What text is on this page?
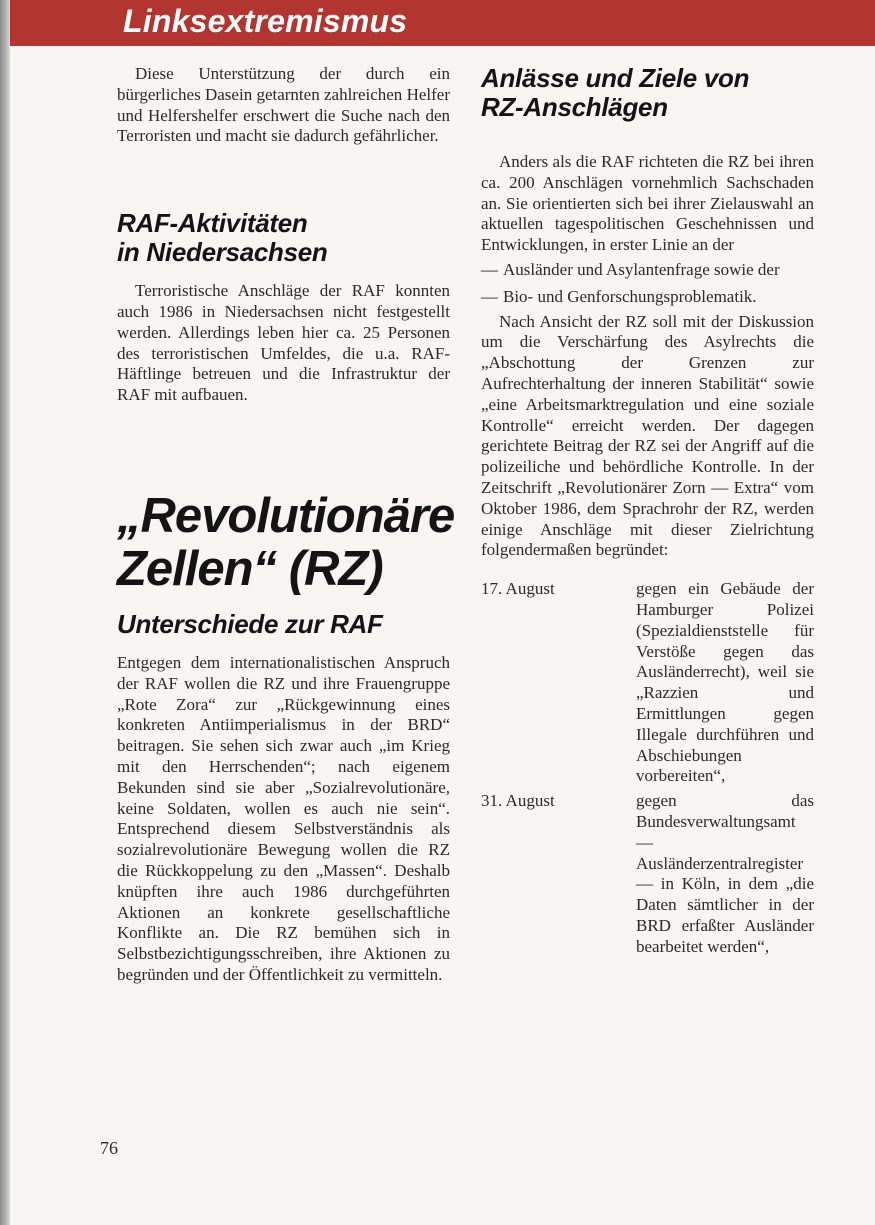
Linksextremismus

Diese Unterstützung der durch ein bürgerliches Dasein getarnten zahlreichen Helfer und Helfershelfer erschwert die Suche nach den Terroristen und macht sie dadurch gefährlicher.

RAF-Aktivitäten
in Niedersachsen

Terroristische Anschläge der RAF konnten auch 1986 in Niedersachsen nicht festgestellt werden. Allerdings leben hier ca. 25 Personen des terroristischen Umfeldes, die u.a. RAF-Häftlinge betreuen und die Infrastruktur der RAF mit aufbauen.

„Revolutionäre
Zellen“ (RZ)
Unterschiede zur RAF

Entgegen dem internationalistischen Anspruch der RAF wollen die RZ und ihre Frauengruppe „Rote Zora“ zur „Rückgewinnung eines konkreten Antiimperialismus in der BRD“ beitragen. Sie sehen sich zwar auch „im Krieg mit den Herrschenden“; nach eigenem Bekunden sind sie aber „Sozialrevolutionäre, keine Soldaten, wollen es auch nie sein“. Entsprechend diesem Selbstverständnis als sozialrevolutionäre Bewegung wollen die RZ die Rückkoppelung zu den „Massen“. Deshalb knüpften ihre auch 1986 durchgeführten Aktionen an konkrete gesellschaftliche Konflikte an. Die RZ bemühen sich in Selbstbezichtigungsschreiben, ihre Aktionen zu begründen und der Öffentlichkeit zu vermitteln.

Anlässe und Ziele von
RZ-Anschlägen

Anders als die RAF richteten die RZ bei ihren ca. 200 Anschlägen vornehmlich Sachschaden an. Sie orientierten sich bei ihrer Zielauswahl an aktuellen tagespolitischen Geschehnissen und Entwicklungen, in erster Linie an der

— Ausländer und Asylantenfrage sowie der
— Bio- und Genforschungsproblematik.

Nach Ansicht der RZ soll mit der Diskussion um die Verschärfung des Asylrechts die „Abschottung der Grenzen zur Aufrechterhaltung der inneren Stabilität“ sowie „eine Arbeitsmarktregulation und eine soziale Kontrolle“ erreicht werden. Der dagegen gerichtete Beitrag der RZ sei der Angriff auf die polizeiliche und behördliche Kontrolle. In der Zeitschrift „Revolutionärer Zorn — Extra“ vom Oktober 1986, dem Sprachrohr der RZ, werden einige Anschläge mit dieser Zielrichtung folgendermaßen begründet:

17. August	gegen ein Gebäude der Hamburger Polizei (Spezialdienststelle für Verstöße gegen das Ausländerrecht), weil sie „Razzien und Ermittlungen gegen Illegale durchführen und Abschiebungen vorbereiten“,
31. August	gegen das Bundesverwaltungsamt — Ausländerzentralregister — in Köln, in dem „die Daten sämtlicher in der BRD erfaßter Ausländer bearbeitet werden“,
76
